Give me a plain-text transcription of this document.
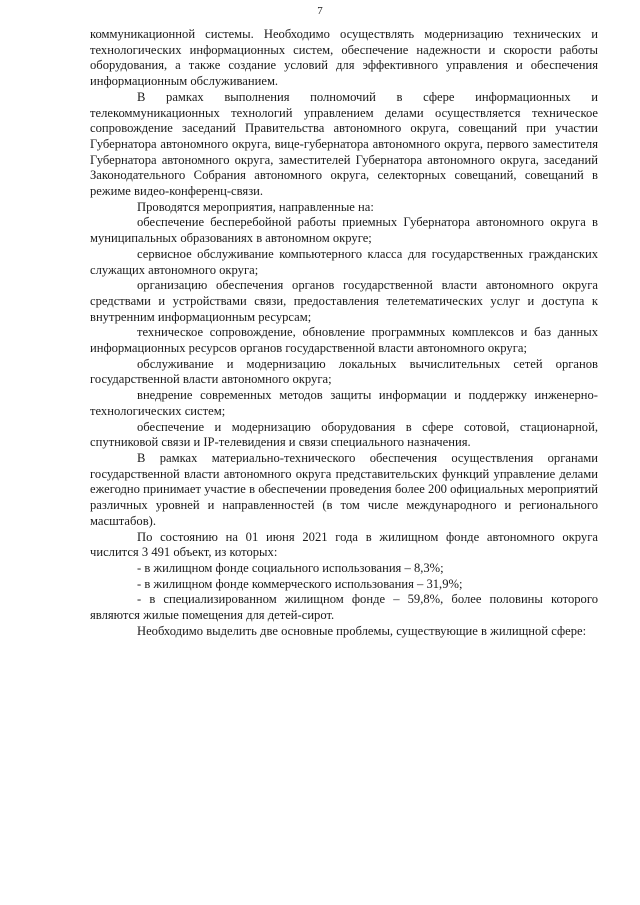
7

коммуникационной системы. Необходимо осуществлять модернизацию технических и технологических информационных систем, обеспечение надежности и скорости работы оборудования, а также создание условий для эффективного управления и обеспечения информационным обслуживанием.

В рамках выполнения полномочий в сфере информационных и телекоммуникационных технологий управлением делами осуществляется техническое сопровождение заседаний Правительства автономного округа, совещаний при участии Губернатора автономного округа, вице-губернатора автономного округа, первого заместителя Губернатора автономного округа, заместителей Губернатора автономного округа, заседаний Законодательного Собрания автономного округа, селекторных совещаний, совещаний в режиме видео-конференц-связи.

Проводятся мероприятия, направленные на:

обеспечение бесперебойной работы приемных Губернатора автономного округа в муниципальных образованиях в автономном округе;

сервисное обслуживание компьютерного класса для государственных гражданских служащих автономного округа;

организацию обеспечения органов государственной власти автономного округа средствами и устройствами связи, предоставления телетематических услуг и доступа к внутренним информационным ресурсам;

техническое сопровождение, обновление программных комплексов и баз данных информационных ресурсов органов государственной власти автономного округа;

обслуживание и модернизацию локальных вычислительных сетей органов государственной власти автономного округа;

внедрение современных методов защиты информации и поддержку инженерно-технологических систем;

обеспечение и модернизацию оборудования в сфере сотовой, стационарной, спутниковой связи и IP-телевидения и связи специального назначения.

В рамках материально-технического обеспечения осуществления органами государственной власти автономного округа представительских функций управление делами ежегодно принимает участие в обеспечении проведения более 200 официальных мероприятий различных уровней и направленностей (в том числе международного и регионального масштабов).

По состоянию на 01 июня 2021 года в жилищном фонде автономного округа числится 3 491 объект, из которых:

- в жилищном фонде социального использования – 8,3%;

- в жилищном фонде коммерческого использования – 31,9%;

- в специализированном жилищном фонде – 59,8%, более половины которого являются жилые помещения для детей-сирот.

Необходимо выделить две основные проблемы, существующие в жилищной сфере:
